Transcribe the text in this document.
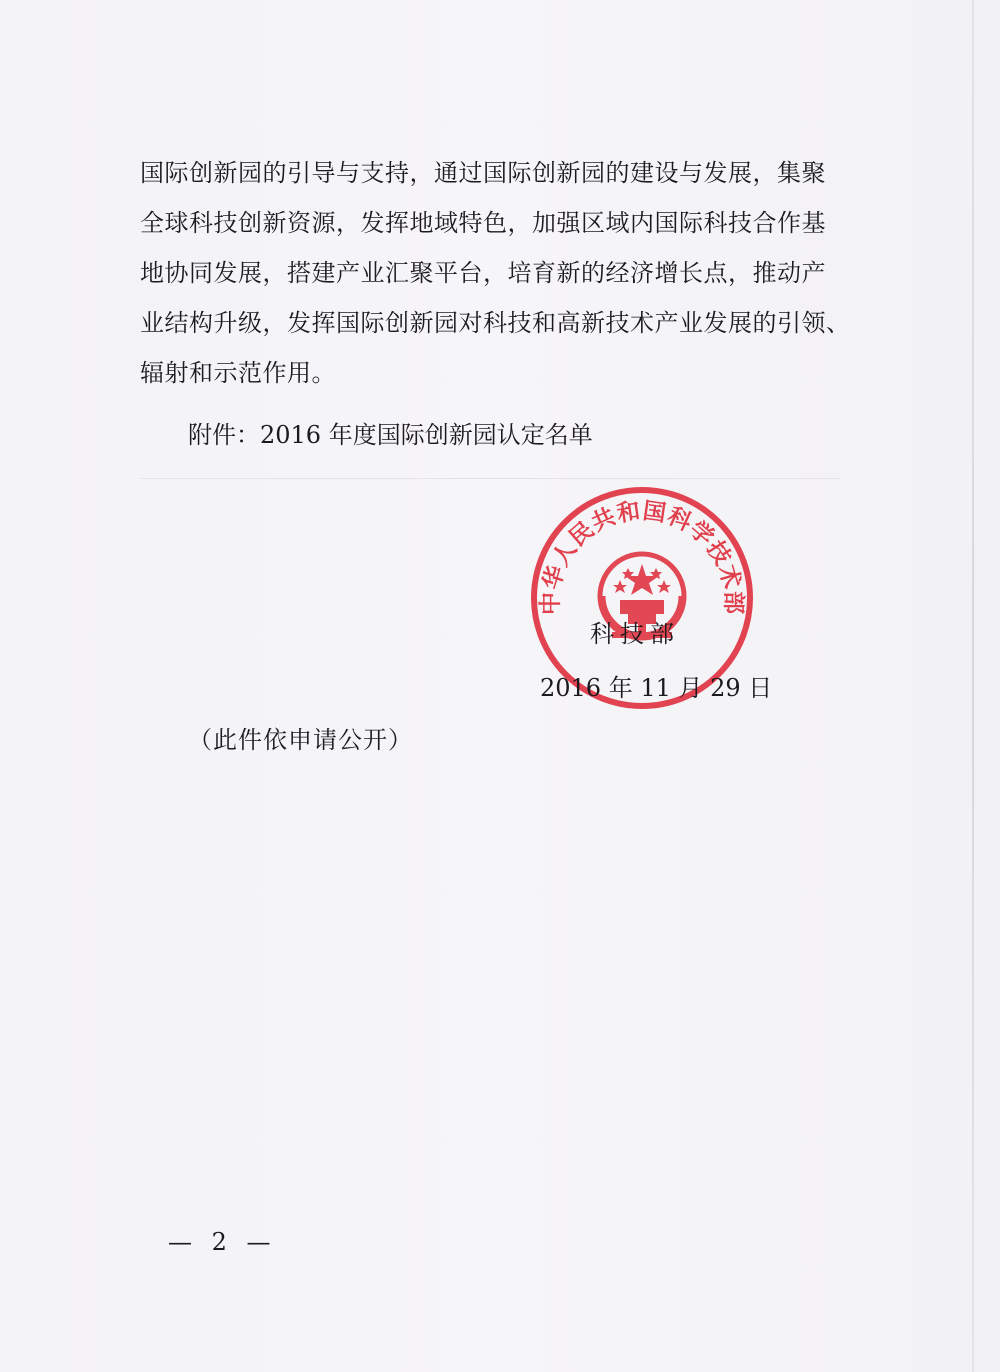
国际创新园的引导与支持，通过国际创新园的建设与发展，集聚
全球科技创新资源，发挥地域特色，加强区域内国际科技合作基
地协同发展，搭建产业汇聚平台，培育新的经济增长点，推动产
业结构升级，发挥国际创新园对科技和高新技术产业发展的引领、
辐射和示范作用。
附件：2016 年度国际创新园认定名单
中华人民共和国科学技术部
科技部
2016 年 11 月 29 日
（此件依申请公开）
— 2 —
